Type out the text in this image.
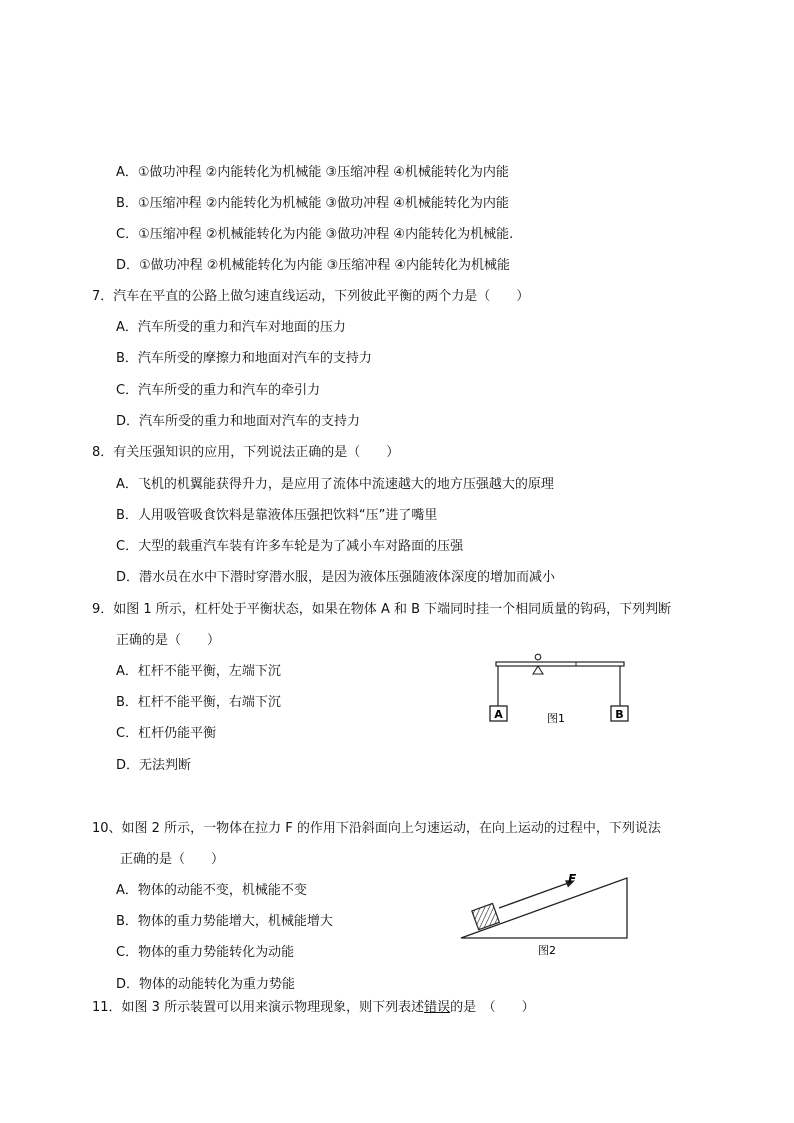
A．①做功冲程 ②内能转化为机械能 ③压缩冲程 ④机械能转化为内能
B．①压缩冲程 ②内能转化为机械能 ③做功冲程 ④机械能转化为内能
C．①压缩冲程 ②机械能转化为内能 ③做功冲程 ④内能转化为机械能.
D．①做功冲程 ②机械能转化为内能 ③压缩冲程 ④内能转化为机械能
7．汽车在平直的公路上做匀速直线运动，下列彼此平衡的两个力是（　　）
A．汽车所受的重力和汽车对地面的压力
B．汽车所受的摩擦力和地面对汽车的支持力
C．汽车所受的重力和汽车的牵引力
D．汽车所受的重力和地面对汽车的支持力
8．有关压强知识的应用，下列说法正确的是（　　）
A．飞机的机翼能获得升力，是应用了流体中流速越大的地方压强越大的原理
B．人用吸管吸食饮料是靠液体压强把饮料“压”进了嘴里
C．大型的载重汽车装有许多车轮是为了减小车对路面的压强
D．潜水员在水中下潜时穿潜水服，是因为液体压强随液体深度的增加而减小
9．如图 1 所示，杠杆处于平衡状态，如果在物体 A 和 B 下端同时挂一个相同质量的钩码，下列判断
正确的是（　　）
A．杠杆不能平衡，左端下沉
B．杠杆不能平衡，右端下沉
C．杠杆仍能平衡
D．无法判断
A	B
图1
10、如图 2 所示，一物体在拉力 F 的作用下沿斜面向上匀速运动，在向上运动的过程中，下列说法
正确的是（　　）
A．物体的动能不变，机械能不变
B．物体的重力势能增大，机械能增大
C．物体的重力势能转化为动能
D．物体的动能转化为重力势能
F
图2
11．如图 3 所示装置可以用来演示物理现象，则下列表述错误的是　（　　）
